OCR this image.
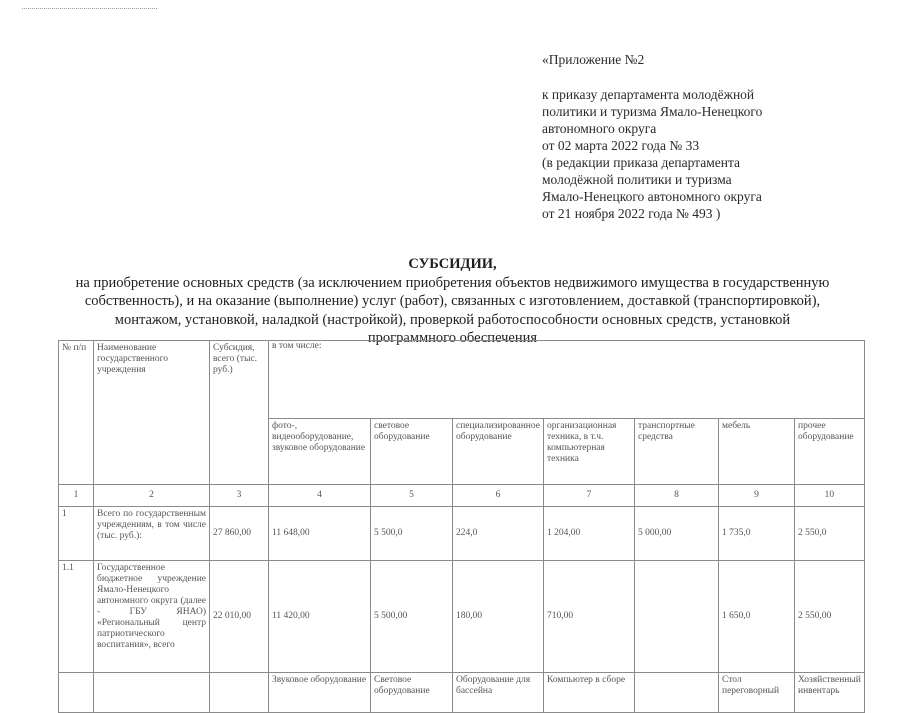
«Приложение №2
к приказу департамента молодёжной
политики и туризма Ямало-Ненецкого
автономного округа
от 02 марта 2022 года № 33
(в редакции приказа департамента
молодёжной политики и туризма
Ямало-Ненецкого автономного округа
от 21 ноября 2022 года № 493 )
СУБСИДИИ,
на приобретение основных средств (за исключением приобретения объектов недвижимого имущества в государственную
собственность), и на оказание (выполнение) услуг (работ), связанных с изготовлением, доставкой (транспортировкой),
монтажом, установкой, наладкой (настройкой), проверкой работоспособности основных средств, установкой
программного обеспечения
№ п/п	Наименование государственного учреждения	Субсидия, всего (тыс. руб.)	в том числе:						
			фото-, видеооборудование, звуковое оборудование	световое оборудование	специализированное оборудование	организационная техника, в т.ч. компьютерная техника	транспортные средства	мебель	прочее оборудование
1	2	3	4	5	6	7	8	9	10
1	Всего по государственным учреждениям, в том числе (тыс. руб.):	27 860,00	11 648,00	5 500,0	224,0	1 204,00	5 000,00	1 735,0	2 550,0
1.1	Государственное бюджетное учреждение Ямало-Ненецкого автономного округа (далее - ГБУ ЯНАО) «Региональный центр патриотического воспитания», всего	22 010,00	11 420,00	5 500,00	180,00	710,00		1 650,0	2 550,00
			Звуковое оборудование	Световое оборудование	Оборудование для бассейна	Компьютер в сборе		Стол переговорный	Хозяйственный инвентарь
